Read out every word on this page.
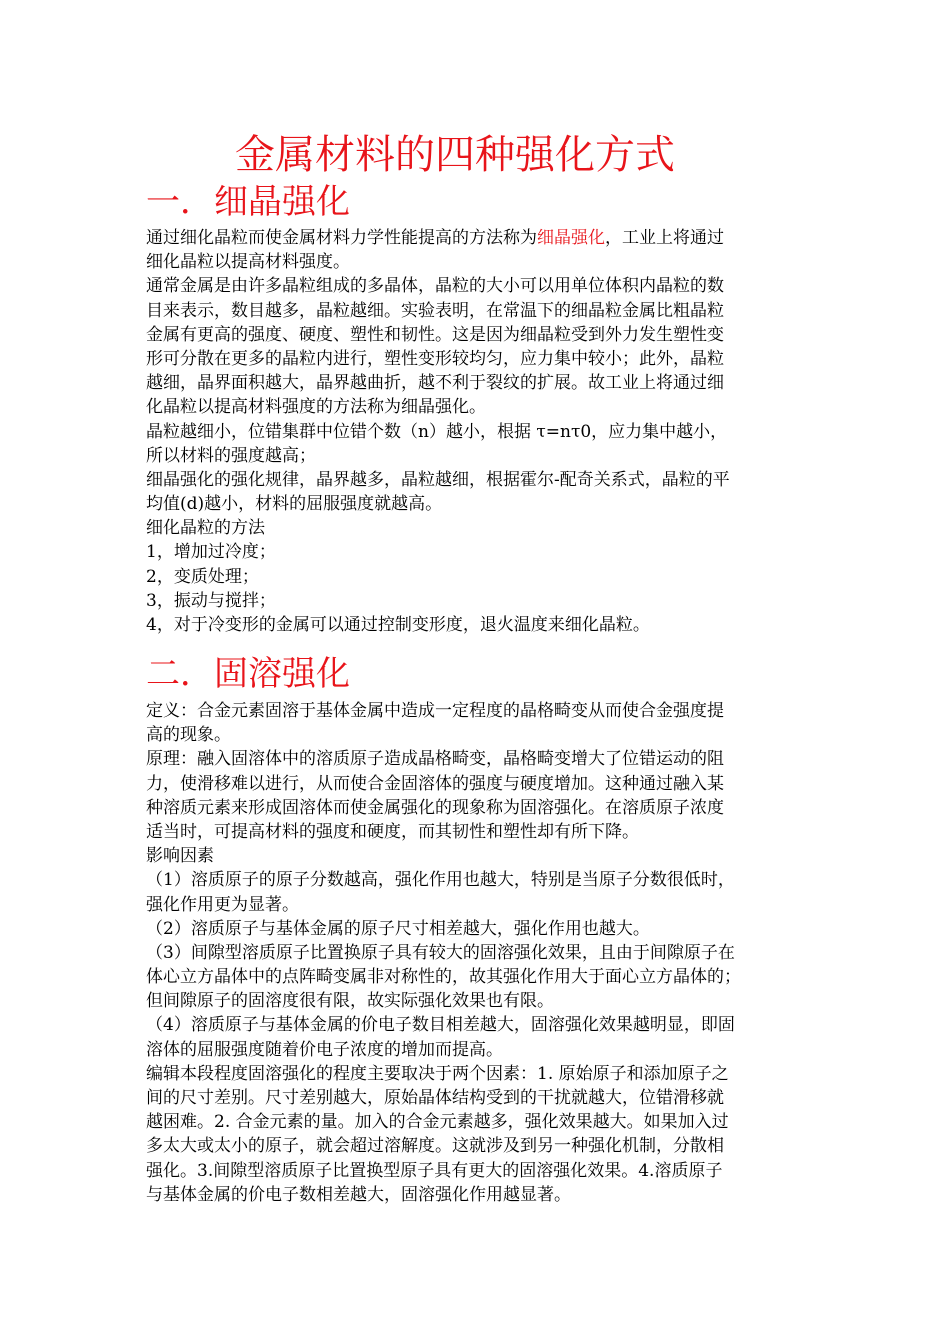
金属材料的四种强化方式
一．细晶强化
通过细化晶粒而使金属材料力学性能提高的方法称为细晶强化，工业上将通过
细化晶粒以提高材料强度。
通常金属是由许多晶粒组成的多晶体，晶粒的大小可以用单位体积内晶粒的数
目来表示，数目越多，晶粒越细。实验表明，在常温下的细晶粒金属比粗晶粒
金属有更高的强度、硬度、塑性和韧性。这是因为细晶粒受到外力发生塑性变
形可分散在更多的晶粒内进行，塑性变形较均匀，应力集中较小；此外，晶粒
越细，晶界面积越大，晶界越曲折，越不利于裂纹的扩展。故工业上将通过细
化晶粒以提高材料强度的方法称为细晶强化。
晶粒越细小，位错集群中位错个数（n）越小，根据 τ=nτ0，应力集中越小，
所以材料的强度越高；
细晶强化的强化规律，晶界越多，晶粒越细，根据霍尔-配奇关系式，晶粒的平
均值(d)越小，材料的屈服强度就越高。
细化晶粒的方法
1，增加过冷度；
2，变质处理；
3，振动与搅拌；
4，对于冷变形的金属可以通过控制变形度，退火温度来细化晶粒。
二．固溶强化
定义：合金元素固溶于基体金属中造成一定程度的晶格畸变从而使合金强度提
高的现象。
原理：融入固溶体中的溶质原子造成晶格畸变，晶格畸变增大了位错运动的阻
力，使滑移难以进行，从而使合金固溶体的强度与硬度增加。这种通过融入某
种溶质元素来形成固溶体而使金属强化的现象称为固溶强化。在溶质原子浓度
适当时，可提高材料的强度和硬度，而其韧性和塑性却有所下降。
影响因素
（1）溶质原子的原子分数越高，强化作用也越大，特别是当原子分数很低时，
强化作用更为显著。
（2）溶质原子与基体金属的原子尺寸相差越大，强化作用也越大。
（3）间隙型溶质原子比置换原子具有较大的固溶强化效果，且由于间隙原子在
体心立方晶体中的点阵畸变属非对称性的，故其强化作用大于面心立方晶体的；
但间隙原子的固溶度很有限，故实际强化效果也有限。
（4）溶质原子与基体金属的价电子数目相差越大，固溶强化效果越明显，即固
溶体的屈服强度随着价电子浓度的增加而提高。
编辑本段程度固溶强化的程度主要取决于两个因素：1. 原始原子和添加原子之
间的尺寸差别。尺寸差别越大，原始晶体结构受到的干扰就越大，位错滑移就
越困难。2. 合金元素的量。加入的合金元素越多，强化效果越大。如果加入过
多太大或太小的原子，就会超过溶解度。这就涉及到另一种强化机制，分散相
强化。3.间隙型溶质原子比置换型原子具有更大的固溶强化效果。4.溶质原子
与基体金属的价电子数相差越大，固溶强化作用越显著。
